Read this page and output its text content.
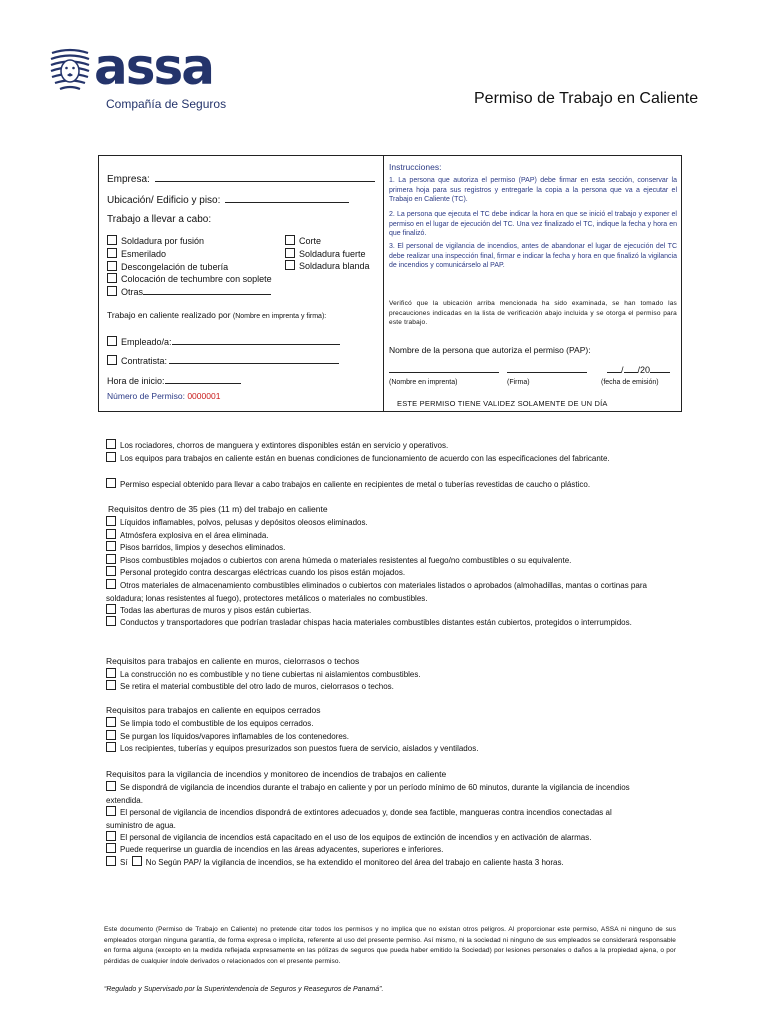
assa
Compañía de Seguros	Permiso de Trabajo en Caliente
Empresa:
Ubicación/ Edificio y piso:
Trabajo a llevar a cabo:
Soldadura por fusión
Esmerilado
Descongelación de tubería
Colocación de techumbre con soplete
Otras
Corte
Soldadura fuerte
Soldadura blanda
Trabajo en caliente realizado por (Nombre en imprenta y firma):
Empleado/a:
Contratista:
Hora de inicio:
Número de Permiso: 0000001
Instrucciones:
1. La persona que autoriza el permiso (PAP) debe firmar en esta sección, conservar la primera hoja para sus registros y entregarle la copia a la persona que va a ejecutar el Trabajo en Caliente (TC).
2. La persona que ejecuta el TC debe indicar la hora en que se inició el trabajo y exponer el permiso en el lugar de ejecución del TC. Una vez finalizado el TC, indique la fecha y hora en que finalizó.
3. El personal de vigilancia de incendios, antes de abandonar el lugar de ejecución del TC debe realizar una inspección final, firmar e indicar la fecha y hora en que finalizó la vigilancia de incendios y comunicárselo al PAP.
Verificó que la ubicación arriba mencionada ha sido examinada, se han tomado las precauciones indicadas en la lista de verificación abajo incluida y se otorga el permiso para este trabajo.
Nombre de la persona que autoriza el permiso (PAP):
/ /20
(Nombre en imprenta)	(Firma)	(fecha de emisión)
ESTE PERMISO TIENE VALIDEZ SOLAMENTE DE UN DÍA
Los rociadores, chorros de manguera y extintores disponibles están en servicio y operativos.
Los equipos para trabajos en caliente están en buenas condiciones de funcionamiento de acuerdo con las especificaciones del fabricante.
Permiso especial obtenido para llevar a cabo trabajos en caliente en recipientes de metal o tuberías revestidas de caucho o plástico.
Requisitos dentro de 35 pies (11 m) del trabajo en caliente
Líquidos inflamables, polvos, pelusas y depósitos oleosos eliminados.
Atmósfera explosiva en el área eliminada.
Pisos barridos, limpios y desechos eliminados.
Pisos combustibles mojados o cubiertos con arena húmeda o materiales resistentes al fuego/no combustibles o su equivalente.
Personal protegido contra descargas eléctricas cuando los pisos están mojados.
Otros materiales de almacenamiento combustibles eliminados o cubiertos con materiales listados o aprobados (almohadillas, mantas o cortinas para soldadura; lonas resistentes al fuego), protectores metálicos o materiales no combustibles.
Todas las aberturas de muros y pisos están cubiertas.
Conductos y transportadores que podrían trasladar chispas hacia materiales combustibles distantes están cubiertos, protegidos o interrumpidos.
Requisitos para trabajos en caliente en muros, cielorrasos o techos
La construcción no es combustible y no tiene cubiertas ni aislamientos combustibles.
Se retira el material combustible del otro lado de muros, cielorrasos o techos.
Requisitos para trabajos en caliente en equipos cerrados
Se limpia todo el combustible de los equipos cerrados.
Se purgan los líquidos/vapores inflamables de los contenedores.
Los recipientes, tuberías y equipos presurizados son puestos fuera de servicio, aislados y ventilados.
Requisitos para la vigilancia de incendios y monitoreo de incendios de trabajos en caliente
Se dispondrá de vigilancia de incendios durante el trabajo en caliente y por un período mínimo de 60 minutos, durante la vigilancia de incendios extendida.
El personal de vigilancia de incendios dispondrá de extintores adecuados y, donde sea factible, mangueras contra incendios conectadas al suministro de agua.
El personal de vigilancia de incendios está capacitado en el uso de los equipos de extinción de incendios y en activación de alarmas.
Puede requerirse un guardia de incendios en las áreas adyacentes, superiores e inferiores.
Sí No Según PAP/ la vigilancia de incendios, se ha extendido el monitoreo del área del trabajo en caliente hasta 3 horas.
Este documento (Permiso de Trabajo en Caliente) no pretende citar todos los permisos y no implica que no existan otros peligros. Al proporcionar este permiso, ASSA ni ninguno de sus empleados otorgan ninguna garantía, de forma expresa o implícita, referente al uso del presente permiso. Así mismo, ni la sociedad ni ninguno de sus empleados se considerará responsable en forma alguna (excepto en la medida reflejada expresamente en las pólizas de seguros que pueda haber emitido la Sociedad) por lesiones personales o daños a la propiedad ajena, o por pérdidas de cualquier índole derivados o relacionados con el presente permiso.
“Regulado y Supervisado por la Superintendencia de Seguros y Reaseguros de Panamá”.
